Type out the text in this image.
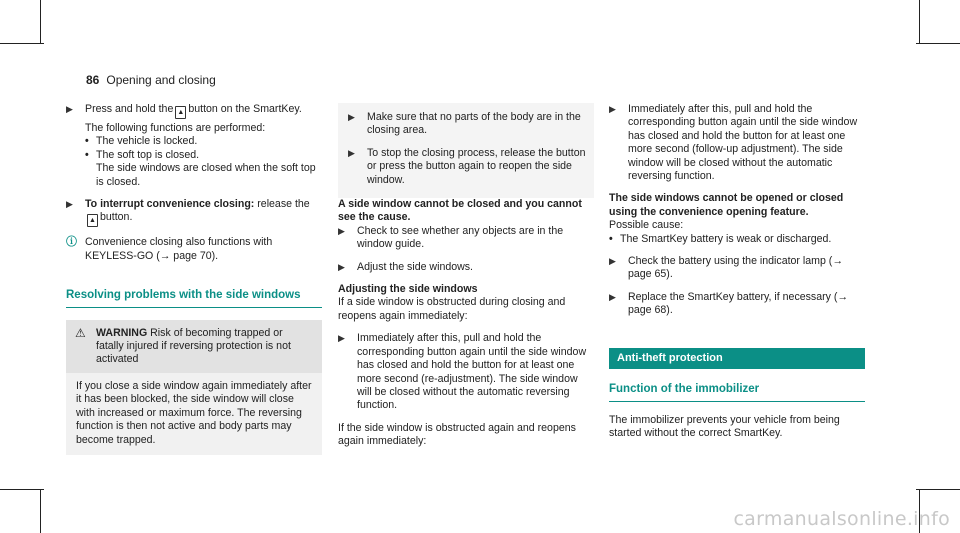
86 Opening and closing
▶ Press and hold the ▲ button on the SmartKey.

The following functions are performed:

• The vehicle is locked.
• The soft top is closed.

The side windows are closed when the soft top is closed.

▶ To interrupt convenience closing: release the▲ button.

ⓘ Convenience closing also functions with KEYLESS-GO (→ page 70).

Resolving problems with the side windows
⚠ WARNING Risk of becoming trapped or fatally injured if reversing protection is not activated

If you close a side window again immediately after it has been blocked, the side window will close with increased or maximum force. The reversing function is then not active and body parts may become trapped.
▶ Make sure that no parts of the body are in the closing area.

▶ To stop the closing process, release the button or press the button again to reopen the side window.

A side window cannot be closed and you cannot see the cause.

▶ Check to see whether any objects are in the window guide.

▶ Adjust the side windows.

Adjusting the side windows

If a side window is obstructed during closing and reopens again immediately:

▶ Immediately after this, pull and hold the corresponding button again until the side window has closed and hold the button for at least one more second (re-adjustment). The side window will be closed without the automatic reversing function.

If the side window is obstructed again and reopens again immediately:

▶ Immediately after this, pull and hold the corresponding button again until the side window has closed and hold the button for at least one more second (follow-up adjustment). The side window will be closed without the automatic reversing function.

The side windows cannot be opened or closed using the convenience opening feature.

Possible cause:

• The SmartKey battery is weak or discharged.
▶ Check the battery using the indicator lamp (→ page 65).

▶ Replace the SmartKey battery, if necessary (→ page 68).

Anti-theft protection
Function of the immobilizer

The immobilizer prevents your vehicle from being started without the correct SmartKey.

carmanualsonline.info
